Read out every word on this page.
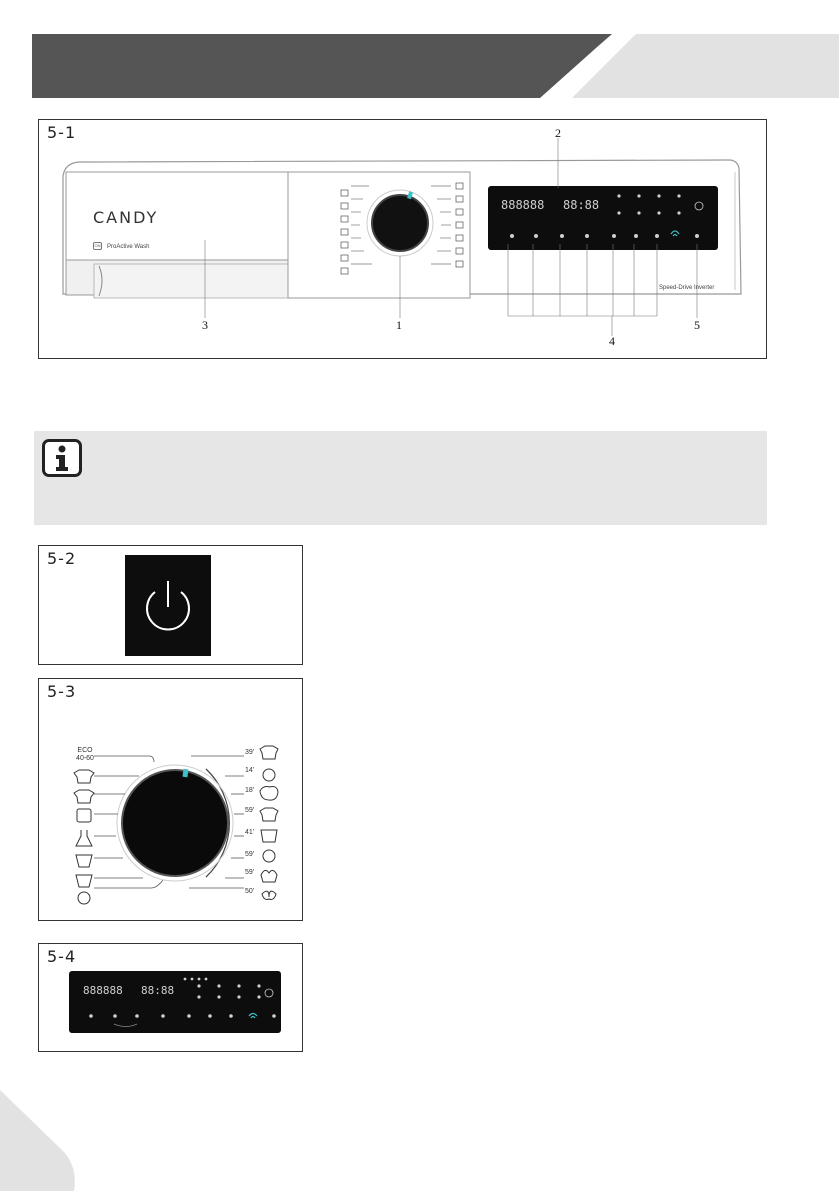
5-1
CANDY
ON ProActive Wash
Speed-Drive Inverter
888888 88:88
2
1
3
4
5
5-2
5-3
ECO
40-60
39'
14'
18'
59'
41'
59'
59'
50'
5-4
888888 88:88
